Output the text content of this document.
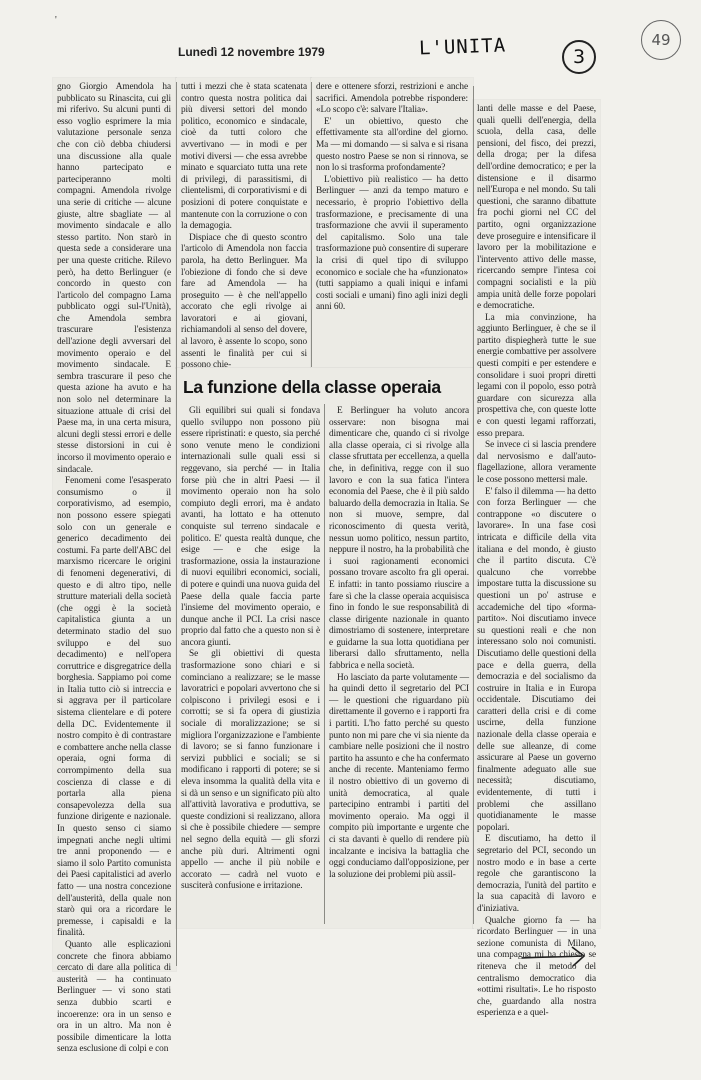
'
Lunedì 12 novembre 1979	L'UNITA	3
49

gno Giorgio Amendola ha pubblicato su Rinascita, cui gli mi riferivo. Su alcuni punti di esso voglio esprimere la mia valutazione personale senza che con ciò debba chiudersi una discussione alla quale hanno partecipato e parteciperanno molti compagni. Amendola rivolge una serie di critiche — alcune giuste, altre sbagliate — al movimento sindacale e allo stesso partito. Non starò in questa sede a considerare una per una queste critiche. Rilevo però, ha detto Berlinguer (e concordo in questo con l'articolo del compagno Lama pubblicato oggi sul-l'Unità), che Amendola sembra trascurare l'esistenza dell'azione degli avversari del movimento operaio e del movimento sindacale. E sembra trascurare il peso che questa azione ha avuto e ha non solo nel determinare la situazione attuale di crisi del Paese ma, in una certa misura, alcuni degli stessi errori e delle stesse distorsioni in cui è incorso il movimento operaio e sindacale.

Fenomeni come l'esasperato consumismo o il corporativismo, ad esempio, non possono essere spiegati solo con un generale e generico decadimento dei costumi. Fa parte dell'ABC del marxismo ricercare le origini di fenomeni degenerativi, di questo e di altro tipo, nelle strutture materiali della società (che oggi è la società capitalistica giunta a un determinato stadio del suo sviluppo e del suo decadimento) e nell'opera corruttrice e disgregatrice della borghesia. Sappiamo poi come in Italia tutto ciò si intreccia e si aggrava per il particolare sistema clientelare e di potere della DC. Evidentemente il nostro compito è di contrastare e combattere anche nella classe operaia, ogni forma di corrompimento della sua coscienza di classe e di portarla alla piena consapevolezza della sua funzione dirigente e nazionale. In questo senso ci siamo impegnati anche negli ultimi tre anni proponendo — e siamo il solo Partito comunista dei Paesi capitalistici ad averlo fatto — una nostra concezione dell'austerità, della quale non starò qui ora a ricordare le premesse, i capisaldi e la finalità.

Quanto alle esplicazioni concrete che finora abbiamo cercato di dare alla politica di austerità — ha continuato Berlinguer — vi sono stati senza dubbio scarti e incoerenze: ora in un senso e ora in un altro. Ma non è possibile dimenticare la lotta senza esclusione di colpi e con

tutti i mezzi che è stata scatenata contro questa nostra politica dai più diversi settori del mondo politico, economico e sindacale, cioè da tutti coloro che avvertivano — in modi e per motivi diversi — che essa avrebbe minato e squarciato tutta una rete di privilegi, di parassitismi, di clientelismi, di corporativismi e di posizioni di potere conquistate e mantenute con la corruzione o con la demagogia.

Dispiace che di questo scontro l'articolo di Amendola non faccia parola, ha detto Berlinguer. Ma l'obiezione di fondo che si deve fare ad Amendola — ha proseguito — è che nell'appello accorato che egli rivolge ai lavoratori e ai giovani, richiamandoli al senso del dovere, al lavoro, è assente lo scopo, sono assenti le finalità per cui si possono chie-

dere e ottenere sforzi, restrizioni e anche sacrifici. Amendola potrebbe rispondere: «Lo scopo c'è: salvare l'Italia».

E' un obiettivo, questo che effettivamente sta all'ordine del giorno. Ma — mi domando — si salva e si risana questo nostro Paese se non si rinnova, se non lo si trasforma profondamente?

L'obiettivo più realistico — ha detto Berlinguer — anzi da tempo maturo e necessario, è proprio l'obiettivo della trasformazione, e precisamente di una trasformazione che avvii il superamento del capitalismo. Solo una tale trasformazione può consentire di superare la crisi di quel tipo di sviluppo economico e sociale che ha «funzionato» (tutti sappiamo a quali iniqui e infami costi sociali e umani) fino agli inizi degli anni 60.

La funzione della classe operaia

Gli equilibri sui quali si fondava quello sviluppo non possono più essere ripristinati: e questo, sia perché sono venute meno le condizioni internazionali sulle quali essi si reggevano, sia perché — in Italia forse più che in altri Paesi — il movimento operaio non ha solo compiuto degli errori, ma è andato avanti, ha lottato e ha ottenuto conquiste sul terreno sindacale e politico. E' questa realtà dunque, che esige — e che esige la trasformazione, ossia la instaurazione di nuovi equilibri economici, sociali, di potere e quindi una nuova guida del Paese della quale faccia parte l'insieme del movimento operaio, e dunque anche il PCI. La crisi nasce proprio dal fatto che a questo non si è ancora giunti.

Se gli obiettivi di questa trasformazione sono chiari e si cominciano a realizzare; se le masse lavoratrici e popolari avvertono che si colpiscono i privilegi esosi e i corrotti; se si fa opera di giustizia sociale di moralizzazione; se si migliora l'organizzazione e l'ambiente di lavoro; se si fanno funzionare i servizi pubblici e sociali; se si modificano i rapporti di potere; se si eleva insomma la qualità della vita e si dà un senso e un significato più alto all'attività lavorativa e produttiva, se queste condizioni si realizzano, allora si che è possibile chiedere — sempre nel segno della equità — gli sforzi anche più duri. Altrimenti ogni appello — anche il più nobile e accorato — cadrà nel vuoto e susciterà confusione e irritazione.

E Berlinguer ha voluto ancora osservare: non bisogna mai dimenticare che, quando ci si rivolge alla classe operaia, ci si rivolge alla classe sfruttata per eccellenza, a quella che, in definitiva, regge con il suo lavoro e con la sua fatica l'intera economia del Paese, che è il più saldo baluardo della democrazia in Italia. Se non si muove, sempre, dal riconoscimento di questa verità, nessun uomo politico, nessun partito, neppure il nostro, ha la probabilità che i suoi ragionamenti economici possano trovare ascolto fra gli operai. E infatti: in tanto possiamo riuscire a fare sì che la classe operaia acquisisca fino in fondo le sue responsabilità di classe dirigente nazionale in quanto dimostriamo di sostenere, interpretare e guidarne la sua lotta quotidiana per liberarsi dallo sfruttamento, nella fabbrica e nella società.

Ho lasciato da parte volutamente — ha quindi detto il segretario del PCI — le questioni che riguardano più direttamente il governo e i rapporti fra i partiti. L'ho fatto perché su questo punto non mi pare che vi sia niente da cambiare nelle posizioni che il nostro partito ha assunto e che ha confermato anche di recente. Manteniamo fermo il nostro obiettivo di un governo di unità democratica, al quale partecipino entrambi i partiti del movimento operaio. Ma oggi il compito più importante e urgente che ci sta davanti è quello di rendere più incalzante e incisiva la battaglia che oggi conduciamo dall'opposizione, per la soluzione dei problemi più assil-

lanti delle masse e del Paese, quali quelli dell'energia, della scuola, della casa, delle pensioni, del fisco, dei prezzi, della droga; per la difesa dell'ordine democratico; e per la distensione e il disarmo nell'Europa e nel mondo. Su tali questioni, che saranno dibattute fra pochi giorni nel CC del partito, ogni organizzazione deve proseguire e intensificare il lavoro per la mobilitazione e l'intervento attivo delle masse, ricercando sempre l'intesa coi compagni socialisti e la più ampia unità delle forze popolari e democratiche.

La mia convinzione, ha aggiunto Berlinguer, è che se il partito dispiegherà tutte le sue energie combattive per assolvere questi compiti e per estendere e consolidare i suoi propri diretti legami con il popolo, esso potrà guardare con sicurezza alla prospettiva che, con queste lotte e con questi legami rafforzati, esso prepara.

Se invece ci si lascia prendere dal nervosismo e dall'auto-flagellazione, allora veramente le cose possono mettersi male.

E' falso il dilemma — ha detto con forza Berlinguer — che contrappone «o discutere o lavorare». In una fase così intricata e difficile della vita italiana e del mondo, è giusto che il partito discuta. C'è qualcuno che vorrebbe impostare tutta la discussione su questioni un po' astruse e accademiche del tipo «forma-partito». Noi discutiamo invece su questioni reali e che non interessano solo noi comunisti. Discutiamo delle questioni della pace e della guerra, della democrazia e del socialismo da costruire in Italia e in Europa occidentale. Discutiamo dei caratteri della crisi e di come uscirne, della funzione nazionale della classe operaia e delle sue alleanze, di come assicurare al Paese un governo finalmente adeguato alle sue necessità; discutiamo, evidentemente, di tutti i problemi che assillano quotidianamente le masse popolari.

E discutiamo, ha detto il segretario del PCI, secondo un nostro modo e in base a certe regole che garantiscono la democrazia, l'unità del partito e la sua capacità di lavoro e d'iniziativa.

Qualche giorno fa — ha ricordato Berlinguer — in una sezione comunista di Milano, una compagna mi ha chiesto se riteneva che il metodo del centralismo democratico dia «ottimi risultati». Le ho risposto che, guardando alla nostra esperienza e a quel-
